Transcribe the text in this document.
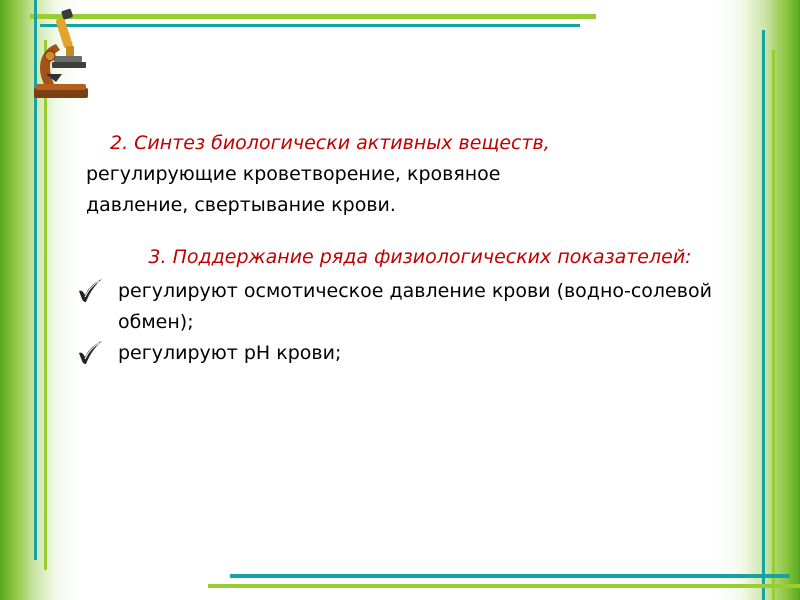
2. Синтез биологически активных веществ,
регулирующие кроветворение, кровяное
давление, свертывание крови.
3. Поддержание ряда физиологических показателей:
регулируют осмотическое давление крови (водно-солевой обмен);
регулируют рН крови;
